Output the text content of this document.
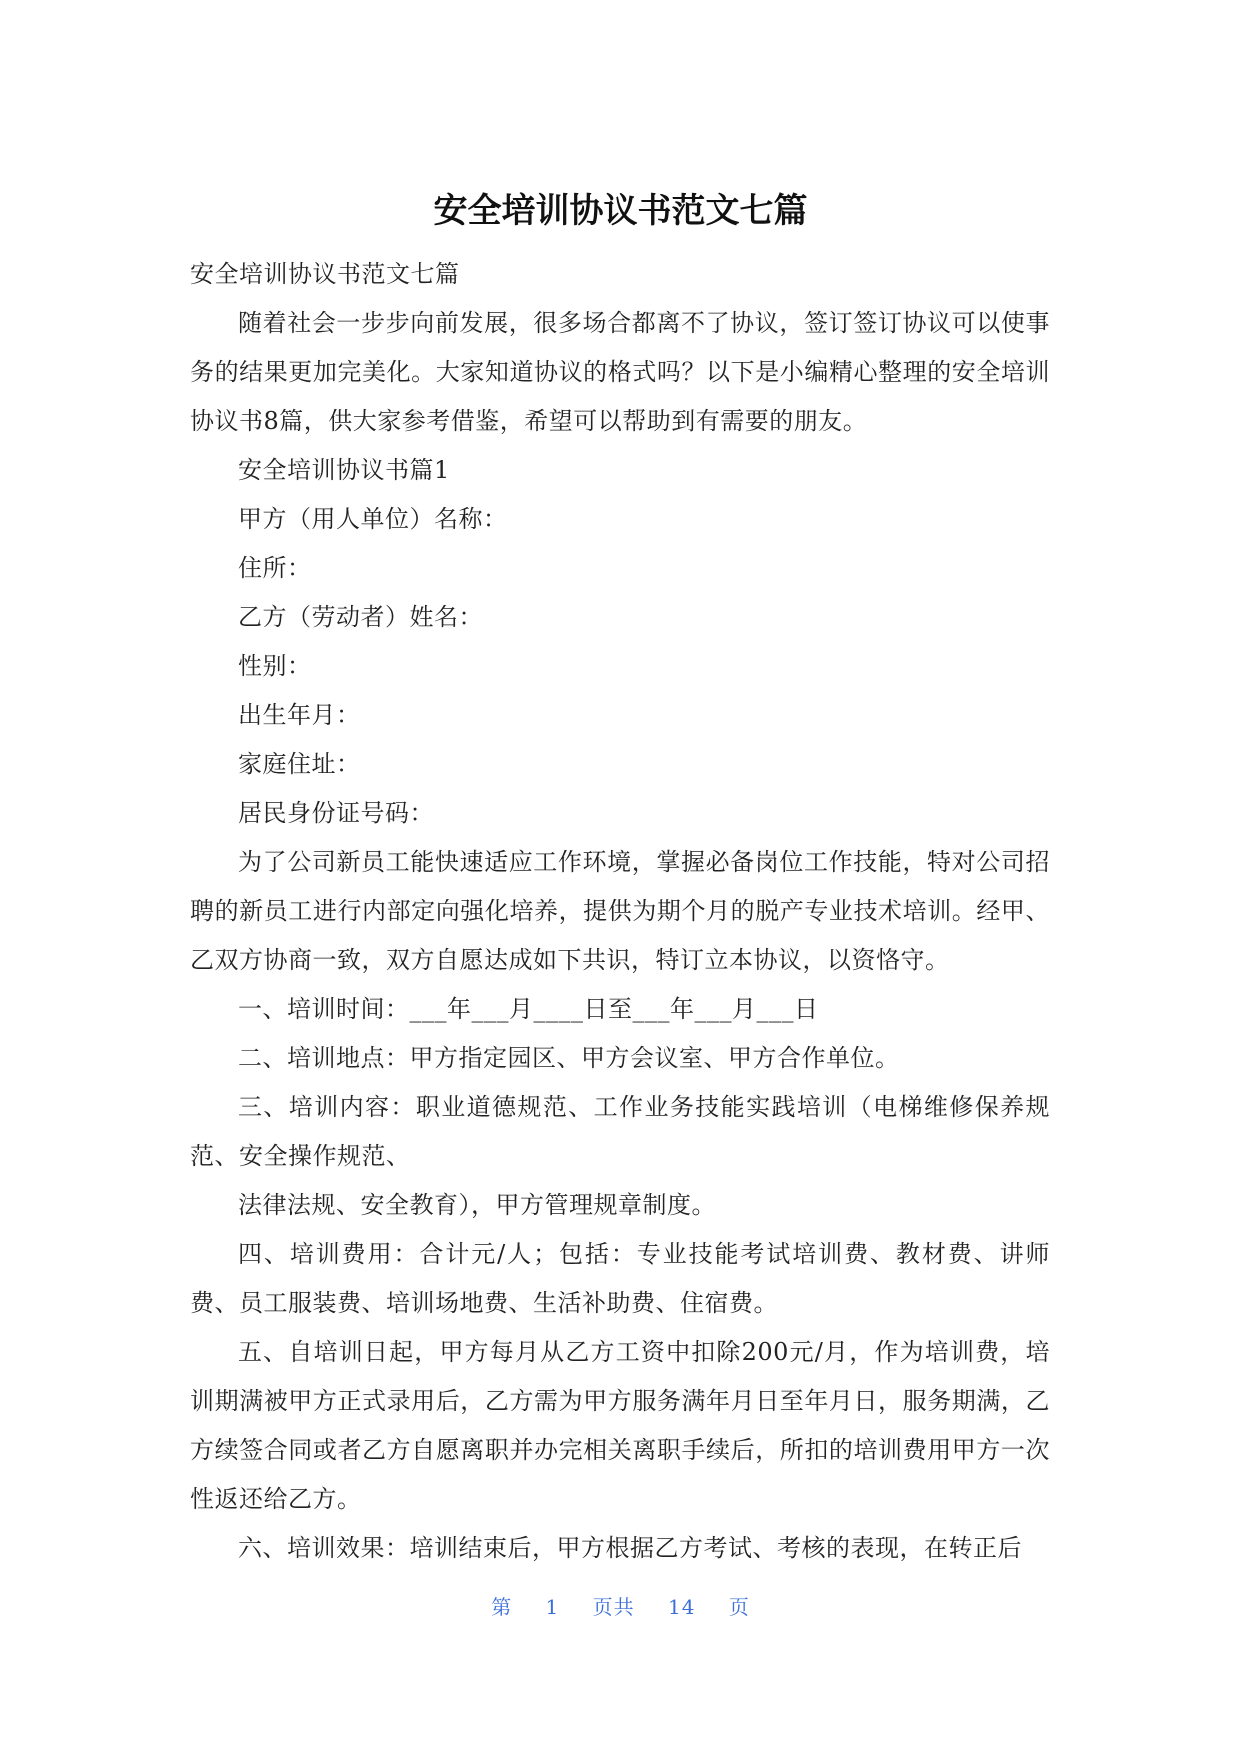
安全培训协议书范文七篇

安全培训协议书范文七篇

随着社会一步步向前发展，很多场合都离不了协议，签订签订协议可以使事务的结果更加完美化。大家知道协议的格式吗？以下是小编精心整理的安全培训协议书8篇，供大家参考借鉴，希望可以帮助到有需要的朋友。

安全培训协议书篇1

甲方（用人单位）名称：

住所：

乙方（劳动者）姓名：

性别：

出生年月：

家庭住址：

居民身份证号码：

为了公司新员工能快速适应工作环境，掌握必备岗位工作技能，特对公司招聘的新员工进行内部定向强化培养，提供为期个月的脱产专业技术培训。经甲、乙双方协商一致，双方自愿达成如下共识，特订立本协议，以资恪守。

一、培训时间：___年___月____日至___年___月___日

二、培训地点：甲方指定园区、甲方会议室、甲方合作单位。

三、培训内容：职业道德规范、工作业务技能实践培训（电梯维修保养规范、安全操作规范、

法律法规、安全教育），甲方管理规章制度。

四、培训费用：合计元/人；包括：专业技能考试培训费、教材费、讲师费、员工服装费、培训场地费、生活补助费、住宿费。

五、自培训日起，甲方每月从乙方工资中扣除200元/月，作为培训费，培训期满被甲方正式录用后，乙方需为甲方服务满年月日至年月日，服务期满，乙方续签合同或者乙方自愿离职并办完相关离职手续后，所扣的培训费用甲方一次性返还给乙方。

六、培训效果：培训结束后，甲方根据乙方考试、考核的表现，在转正后

第 1 页共 14 页
